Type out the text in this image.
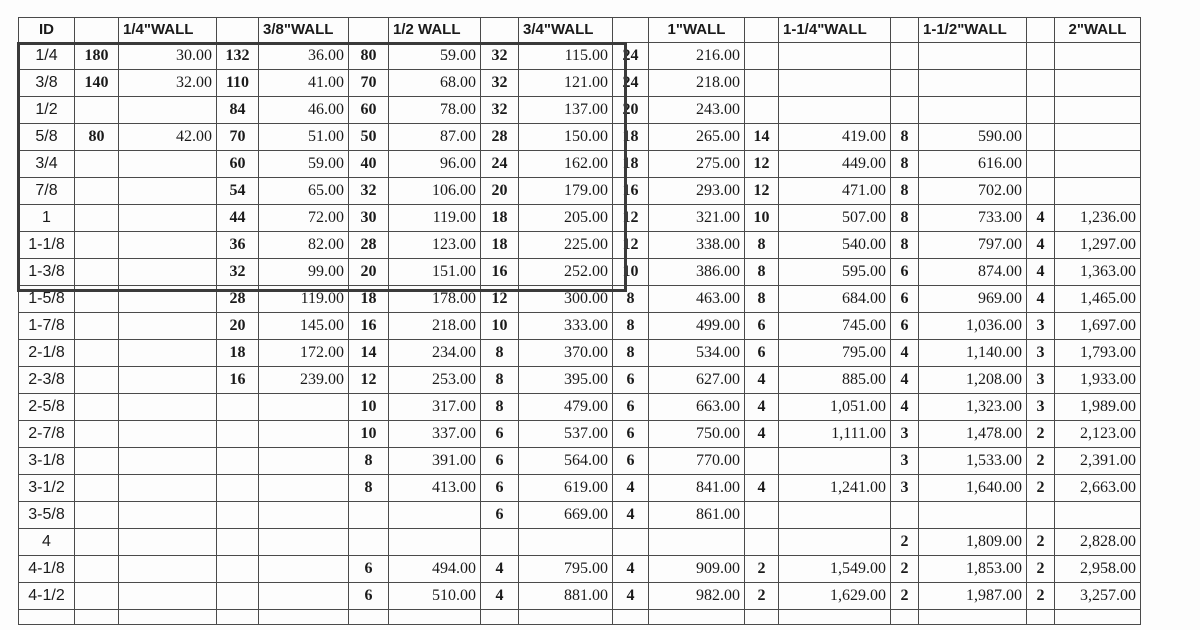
ID		1/4"WALL		3/8"WALL		1/2 WALL		3/4"WALL		1"WALL		1-1/4"WALL		1-1/2"WALL		2"WALL
1/4	180	30.00	132	36.00	80	59.00	32	115.00	24	216.00						
3/8	140	32.00	110	41.00	70	68.00	32	121.00	24	218.00						
1/2			84	46.00	60	78.00	32	137.00	20	243.00						
5/8	80	42.00	70	51.00	50	87.00	28	150.00	18	265.00	14	419.00	8	590.00		
3/4			60	59.00	40	96.00	24	162.00	18	275.00	12	449.00	8	616.00		
7/8			54	65.00	32	106.00	20	179.00	16	293.00	12	471.00	8	702.00		
1			44	72.00	30	119.00	18	205.00	12	321.00	10	507.00	8	733.00	4	1,236.00
1-1/8			36	82.00	28	123.00	18	225.00	12	338.00	8	540.00	8	797.00	4	1,297.00
1-3/8			32	99.00	20	151.00	16	252.00	10	386.00	8	595.00	6	874.00	4	1,363.00
1-5/8			28	119.00	18	178.00	12	300.00	8	463.00	8	684.00	6	969.00	4	1,465.00
1-7/8			20	145.00	16	218.00	10	333.00	8	499.00	6	745.00	6	1,036.00	3	1,697.00
2-1/8			18	172.00	14	234.00	8	370.00	8	534.00	6	795.00	4	1,140.00	3	1,793.00
2-3/8			16	239.00	12	253.00	8	395.00	6	627.00	4	885.00	4	1,208.00	3	1,933.00
2-5/8					10	317.00	8	479.00	6	663.00	4	1,051.00	4	1,323.00	3	1,989.00
2-7/8					10	337.00	6	537.00	6	750.00	4	1,111.00	3	1,478.00	2	2,123.00
3-1/8					8	391.00	6	564.00	6	770.00			3	1,533.00	2	2,391.00
3-1/2					8	413.00	6	619.00	4	841.00	4	1,241.00	3	1,640.00	2	2,663.00
3-5/8							6	669.00	4	861.00						
4													2	1,809.00	2	2,828.00
4-1/8					6	494.00	4	795.00	4	909.00	2	1,549.00	2	1,853.00	2	2,958.00
4-1/2					6	510.00	4	881.00	4	982.00	2	1,629.00	2	1,987.00	2	3,257.00
